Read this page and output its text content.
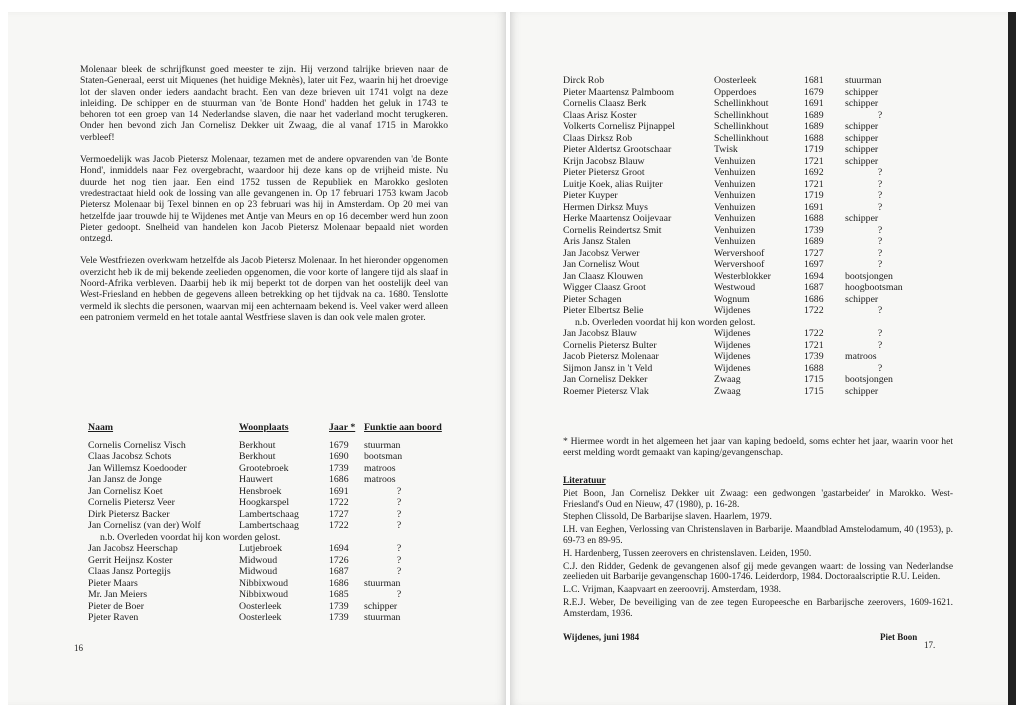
Molenaar bleek de schrijfkunst goed meester te zijn. Hij verzond talrijke brieven naar de Staten-Generaal, eerst uit Miquenes (het huidige Meknès), later uit Fez, waarin hij het droevige lot der slaven onder ieders aandacht bracht. Een van deze brieven uit 1741 volgt na deze inleiding. De schipper en de stuurman van 'de Bonte Hond' hadden het geluk in 1743 te behoren tot een groep van 14 Nederlandse slaven, die naar het vaderland mocht terugkeren. Onder hen bevond zich Jan Cornelisz Dekker uit Zwaag, die al vanaf 1715 in Marokko verbleef!

Vermoedelijk was Jacob Pietersz Molenaar, tezamen met de andere opvarenden van 'de Bonte Hond', inmiddels naar Fez overgebracht, waardoor hij deze kans op de vrijheid miste. Nu duurde het nog tien jaar. Een eind 1752 tussen de Republiek en Marokko gesloten vredestractaat hield ook de lossing van alle gevangenen in. Op 17 februari 1753 kwam Jacob Pietersz Molenaar bij Texel binnen en op 23 februari was hij in Amsterdam. Op 20 mei van hetzelfde jaar trouwde hij te Wijdenes met Antje van Meurs en op 16 december werd hun zoon Pieter gedoopt. Snelheid van handelen kon Jacob Pietersz Molenaar bepaald niet worden ontzegd.

Vele Westfriezen overkwam hetzelfde als Jacob Pietersz Molenaar. In het hieronder opgenomen overzicht heb ik de mij bekende zeelieden opgenomen, die voor korte of langere tijd als slaaf in Noord-Afrika verbleven. Daarbij heb ik mij beperkt tot de dorpen van het oostelijk deel van West-Friesland en hebben de gegevens alleen betrekking op het tijdvak na ca. 1680. Tenslotte vermeld ik slechts die personen, waarvan mij een achternaam bekend is. Veel vaker werd alleen een patroniem vermeld en het totale aantal Westfriese slaven is dan ook vele malen groter.

Naam	Woonplaats	Jaar * Funktie aan boord
Cornelis Cornelisz Visch	Berkhout	1679 stuurman
Claas Jacobsz Schots	Berkhout	1690 bootsman
Jan Willemsz Koedooder	Grootebroek	1739 matroos
Jan Jansz de Jonge	Hauwert	1686 matroos
Jan Cornelisz Koet	Hensbroek	1691	?
Cornelis Pietersz Veer	Hoogkarspel	1722	?
Dirk Pietersz Backer	Lambertschaag	1727	?
Jan Cornelisz (van der) Wolf	Lambertschaag	1722	?
n.b. Overleden voordat hij kon worden gelost.
Jan Jacobsz Heerschap	Lutjebroek	1694	?
Gerrit Heijnsz Koster	Midwoud	1726	?
Claas Jansz Portegijs	Midwoud	1687	?
Pieter Maars	Nibbixwoud	1686 stuurman
Mr. Jan Meiers	Nibbixwoud	1685	?
Pieter de Boer	Oosterleek	1739 schipper
Pjeter Raven	Oosterleek	1739 stuurman
16
Dirck Rob	Oosterleek	1681 stuurman
Pieter Maartensz Palmboom	Opperdoes	1679 schipper
Cornelis Claasz Berk	Schellinkhout	1691 schipper
Claas Arisz Koster	Schellinkhout	1689	?
Volkerts Cornelisz Pijnappel	Schellinkhout	1689 schipper
Claas Dirksz Rob	Schellinkhout	1688 schipper
Pieter Aldertsz Grootschaar	Twisk	1719 schipper
Krijn Jacobsz Blauw	Venhuizen	1721 schipper
Pieter Pietersz Groot	Venhuizen	1692	?
Luitje Koek, alias Ruijter	Venhuizen	1721	?
Pieter Kuyper	Venhuizen	1719	?
Hermen Dirksz Muys	Venhuizen	1691	?
Herke Maartensz Ooijevaar	Venhuizen	1688 schipper
Cornelis Reindertsz Smit	Venhuizen	1739	?
Aris Jansz Stalen	Venhuizen	1689	?
Jan Jacobsz Verwer	Wervershoof	1727	?
Jan Cornelisz Wout	Wervershoof	1697	?
Jan Claasz Klouwen	Westerblokker	1694 bootsjongen
Wigger Claasz Groot	Westwoud	1687 hoogbootsman
Pieter Schagen	Wognum	1686 schipper
Pieter Elbertsz Belie	Wijdenes	1722	?
n.b. Overleden voordat hij kon worden gelost.
Jan Jacobsz Blauw	Wijdenes	1722	?
Cornelis Pietersz Bulter	Wijdenes	1721	?
Jacob Pietersz Molenaar	Wijdenes	1739 matroos
Sijmon Jansz in 't Veld	Wijdenes	1688	?
Jan Cornelisz Dekker	Zwaag	1715 bootsjongen
Roemer Pietersz Vlak	Zwaag	1715 schipper
* Hiermee wordt in het algemeen het jaar van kaping bedoeld, soms echter het jaar, waarin voor het eerst melding wordt gemaakt van kaping/gevangenschap.
Literatuur

Piet Boon, Jan Cornelisz Dekker uit Zwaag: een gedwongen 'gastarbeider' in Marokko. West-Friesland's Oud en Nieuw, 47 (1980), p. 16-28.

Stephen Clissold, De Barbarijse slaven. Haarlem, 1979.

I.H. van Eeghen, Verlossing van Christenslaven in Barbarije. Maandblad Amstelodamum, 40 (1953), p. 69-73 en 89-95.

H. Hardenberg, Tussen zeerovers en christenslaven. Leiden, 1950.

C.J. den Ridder, Gedenk de gevangenen alsof gij mede gevangen waart: de lossing van Nederlandse zeelieden uit Barbarije gevangenschap 1600-1746. Leiderdorp, 1984. Doctoraalscriptie R.U. Leiden.

L.C. Vrijman, Kaapvaart en zeeroovrij. Amsterdam, 1938.

R.E.J. Weber, De beveiliging van de zee tegen Europeesche en Barbarijsche zeerovers, 1609-1621. Amsterdam, 1936.

Wijdenes, juni 1984	Piet Boon
17.
